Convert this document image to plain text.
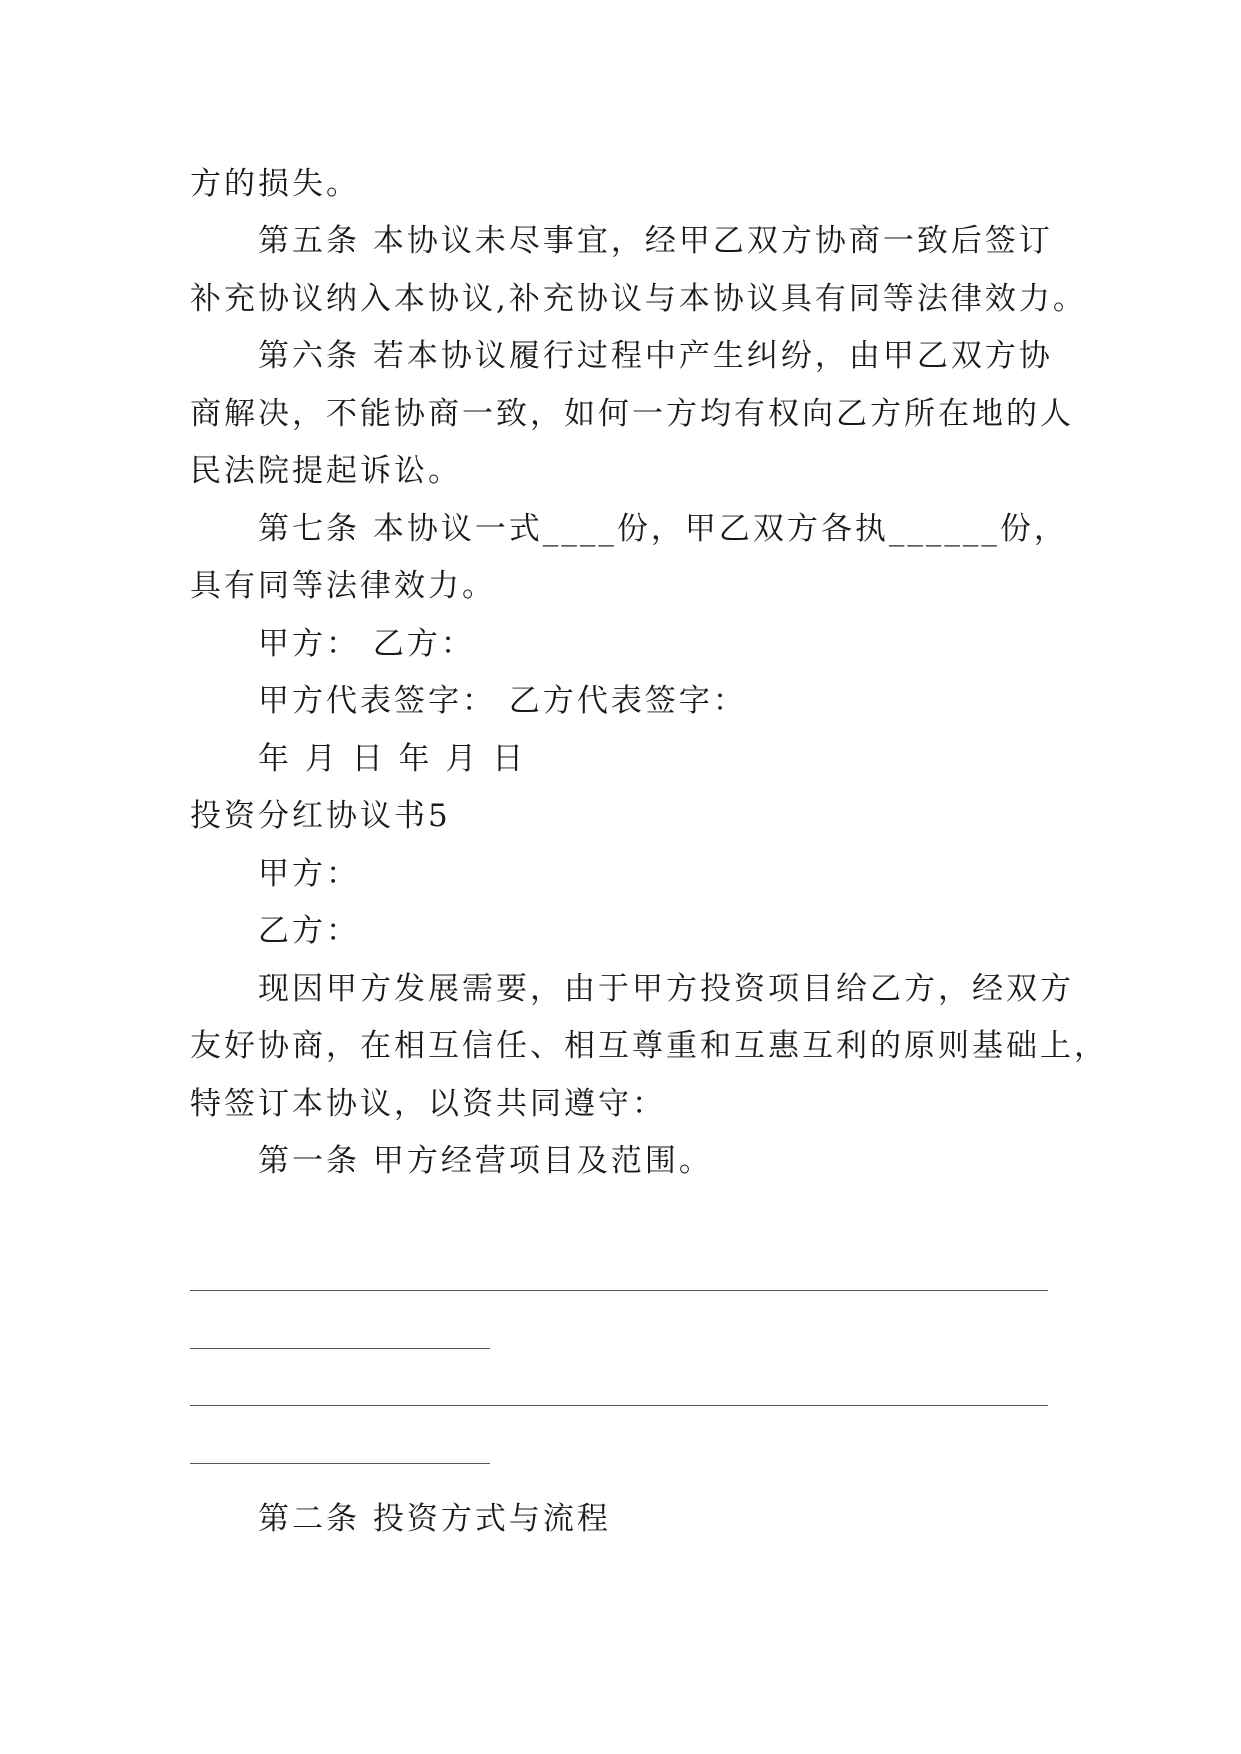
方的损失。
第五条 本协议未尽事宜，经甲乙双方协商一致后签订
补充协议纳入本协议,补充协议与本协议具有同等法律效力。
第六条 若本协议履行过程中产生纠纷，由甲乙双方协
商解决，不能协商一致，如何一方均有权向乙方所在地的人
民法院提起诉讼。
第七条 本协议一式____份，甲乙双方各执______份，
具有同等法律效力。
甲方： 乙方：
甲方代表签字： 乙方代表签字：
年 月 日 年 月 日
投资分红协议书5
甲方：
乙方：
现因甲方发展需要，由于甲方投资项目给乙方，经双方
友好协商，在相互信任、相互尊重和互惠互利的原则基础上，
特签订本协议，以资共同遵守：
第一条 甲方经营项目及范围。
第二条 投资方式与流程
